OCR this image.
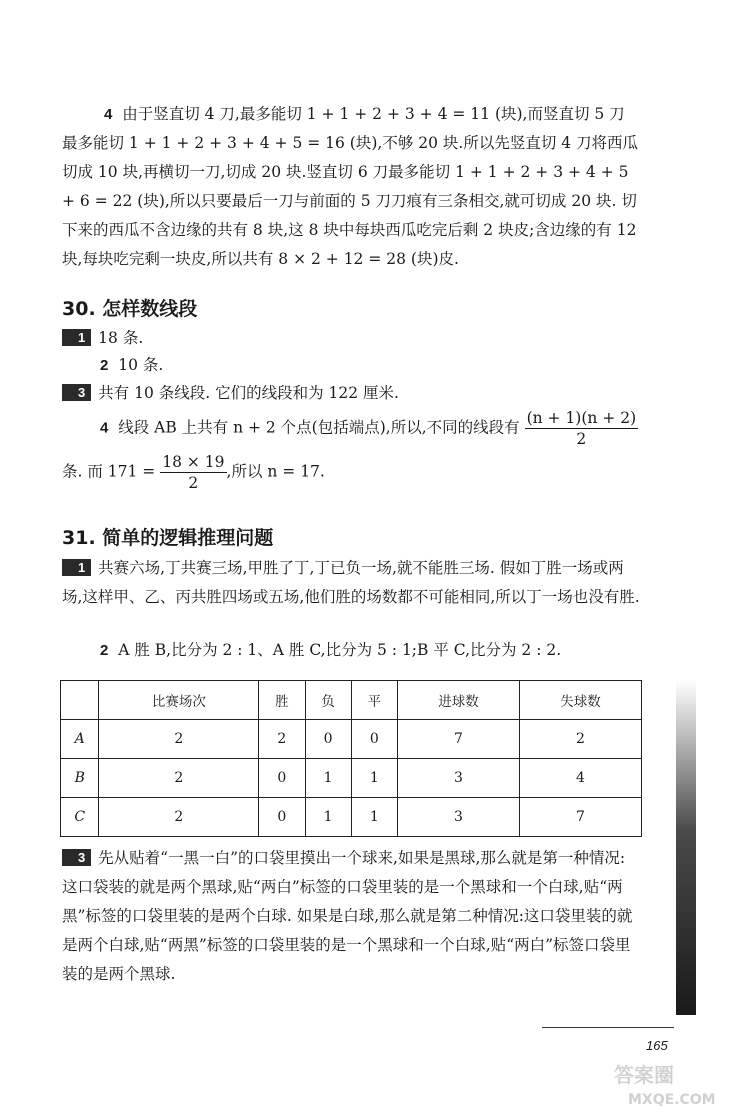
4 由于竖直切 4 刀,最多能切 1 + 1 + 2 + 3 + 4 = 11 (块),而竖直切 5 刀最多能切 1 + 1 + 2 + 3 + 4 + 5 = 16 (块),不够 20 块.所以先竖直切 4 刀将西瓜切成 10 块,再横切一刀,切成 20 块.竖直切 6 刀最多能切 1 + 1 + 2 + 3 + 4 + 5 + 6 = 22 (块),所以只要最后一刀与前面的 5 刀刀痕有三条相交,就可切成 20 块. 切下来的西瓜不含边缘的共有 8 块,这 8 块中每块西瓜吃完后剩 2 块皮;含边缘的有 12 块,每块吃完剩一块皮,所以共有 8 × 2 + 12 = 28 (块)皮.
30. 怎样数线段
1 18 条.
2 10 条.
3 共有 10 条线段. 它们的线段和为 122 厘米.
4 线段 AB 上共有 n + 2 个点(包括端点),所以,不同的线段有 $\frac{(n + 1)(n + 2)}{2}$
条. 而 $171 = \frac{18 \times 19}{2}$ ,所以 n = 17.
31. 简单的逻辑推理问题
1 共赛六场,丁共赛三场,甲胜了丁,丁已负一场,就不能胜三场. 假如丁胜一场或两场,这样甲、乙、丙共胜四场或五场,他们胜的场数都不可能相同,所以丁一场也没有胜.
2 A 胜 B,比分为 2 : 1、A 胜 C,比分为 5 : 1;B 平 C,比分为 2 : 2.
	比赛场次	胜	负	平	进球数	失球数
A	2	2	0	0	7	2
B	2	0	1	1	3	4
C	2	0	1	1	3	7
3 先从贴着“一黑一白”的口袋里摸出一个球来,如果是黑球,那么就是第一种情况:这口袋装的就是两个黑球,贴“两白”标签的口袋里装的是一个黑球和一个白球,贴“两黑”标签的口袋里装的是两个白球. 如果是白球,那么就是第二种情况:这口袋里装的就是两个白球,贴“两黑”标签的口袋里装的是一个黑球和一个白球,贴“两白”标签口袋里装的是两个黑球.
165
答案圈
MXQE.COM
